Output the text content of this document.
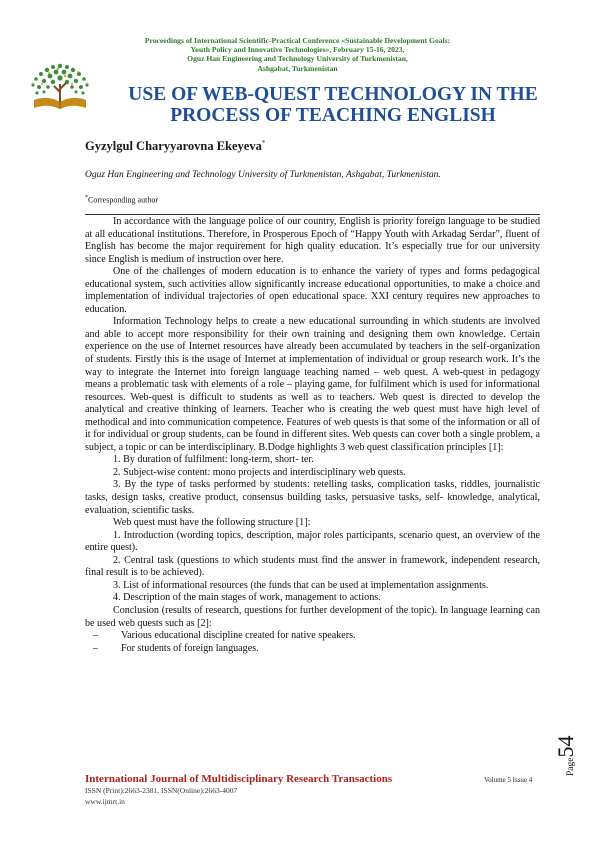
Proceedings of International Scientific-Practical Conference «Sustainable Development Goals:
Youth Policy and Innovative Technologies», February 15-16, 2023,
Oguz Han Engineering and Technology University of Turkmenistan,
Ashgabat, Turkmenistan
USE OF WEB-QUEST TECHNOLOGY IN THE
PROCESS OF TEACHING ENGLISH
Gyzylgul Charyyarovna Ekeyeva*
Oguz Han Engineering and Technology University of Turkmenistan, Ashgabat, Turkmenistan.
*Corresponding author

In accordance with the language police of our country, English is priority foreign language to be studied at all educational institutions. Therefore, in Prosperous Epoch of “Happy Youth with Arkadag Serdar”, fluent of English has become the major requirement for high quality education. It’s especially true for our university since English is medium of instruction over here.

One of the challenges of modern education is to enhance the variety of types and forms pedagogical educational system, such activities allow significantly increase educational opportunities, to make a choice and implementation of individual trajectories of open educational space. XXI century requires new approaches to education.

Information Technology helps to create a new educational surrounding in which students are involved and able to accept more responsibility for their own training and designing them own knowledge. Certain experience on the use of Internet resources have already been accumulated by teachers in the self-organization of students. Firstly this is the usage of Internet at implementation of individual or group research work. It’s the way to integrate the Internet into foreign language teaching named – web quest. A web-quest in pedagogy means a problematic task with elements of a role – playing game, for fulfilment which is used for informational resources. Web-quest is difficult to students as well as to teachers. Web quest is directed to develop the analytical and creative thinking of learners. Teacher who is creating the web quest must have high level of methodical and into communication competence. Features of web quests is that some of the information or all of it for individual or group students, can be found in different sites. Web quests can cover both a single problem, a subject, a topic or can be interdisciplinary. B.Dodge highlights 3 web quest classification principles [1]:

1. By duration of fulfilment: long-term, short- ter.

2. Subject-wise content: mono projects and interdisciplinary web quests.

3. By the type of tasks performed by students: retelling tasks, complication tasks, riddles, journalistic tasks, design tasks, creative product, consensus building tasks, persuasive tasks, self- knowledge, analytical, evaluation, scientific tasks.

Web quest must have the following structure [1]:

1. Introduction (wording topics, description, major roles participants, scenario quest, an overview of the entire quest).

2. Central task (questions to which students must find the answer in framework, independent research, final result is to be achieved).

3. List of informational resources (the funds that can be used at implementation assignments.

4. Description of the main stages of work, management to actions.

Conclusion (results of research, questions for further development of the topic). In language learning can be used web quests such as [2]:

–	Various educational discipline created for native speakers.
–	For students of foreign languages.
Page
54
International Journal of Multidisciplinary Research Transactions	Volume 5 Issue 4
ISSN (Print):2663-2381, ISSN(Online):2663-4007
www.ijmrt.in
